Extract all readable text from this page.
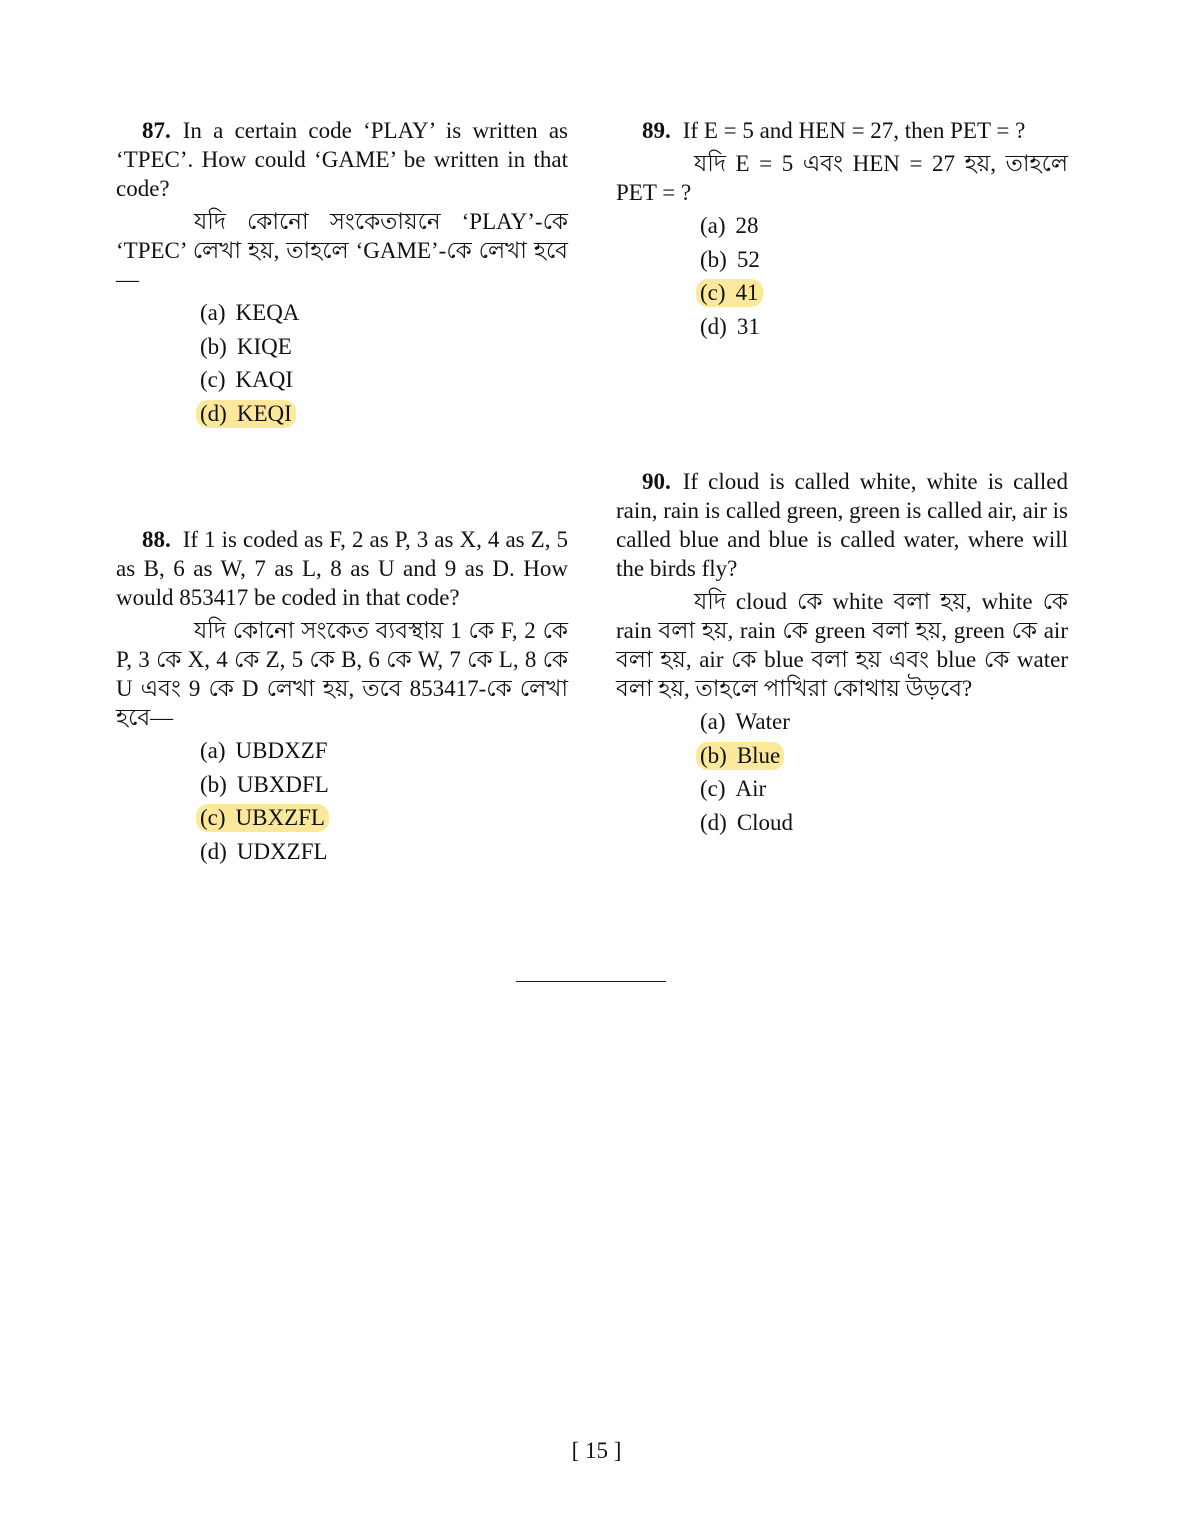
87. In a certain code ‘PLAY’ is written as ‘TPEC’. How could ‘GAME’ be written in that code?

যদি কোনো সংকেতায়নে ‘PLAY’-কে ‘TPEC’ লেখা হয়, তাহলে ‘GAME’-কে লেখা হবে—

(a) KEQA
(b) KIQE
(c) KAQI
(d) KEQI

88. If 1 is coded as F, 2 as P, 3 as X, 4 as Z, 5 as B, 6 as W, 7 as L, 8 as U and 9 as D. How would 853417 be coded in that code?

যদি কোনো সংকেত ব্যবস্থায় 1 কে F, 2 কে P, 3 কে X, 4 কে Z, 5 কে B, 6 কে W, 7 কে L, 8 কে U এবং 9 কে D লেখা হয়, তবে 853417-কে লেখা হবে—

(a) UBDXZF
(b) UBXDFL
(c) UBXZFL
(d) UDXZFL

89. If E = 5 and HEN = 27, then PET = ?

যদি E = 5 এবং HEN = 27 হয়, তাহলে PET = ?

(a) 28
(b) 52
(c) 41
(d) 31

90. If cloud is called white, white is called rain, rain is called green, green is called air, air is called blue and blue is called water, where will the birds fly?

যদি cloud কে white বলা হয়, white কে rain বলা হয়, rain কে green বলা হয়, green কে air বলা হয়, air কে blue বলা হয় এবং blue কে water বলা হয়, তাহলে পাখিরা কোথায় উড়বে?

(a) Water
(b) Blue
(c) Air
(d) Cloud
[ 15 ]
